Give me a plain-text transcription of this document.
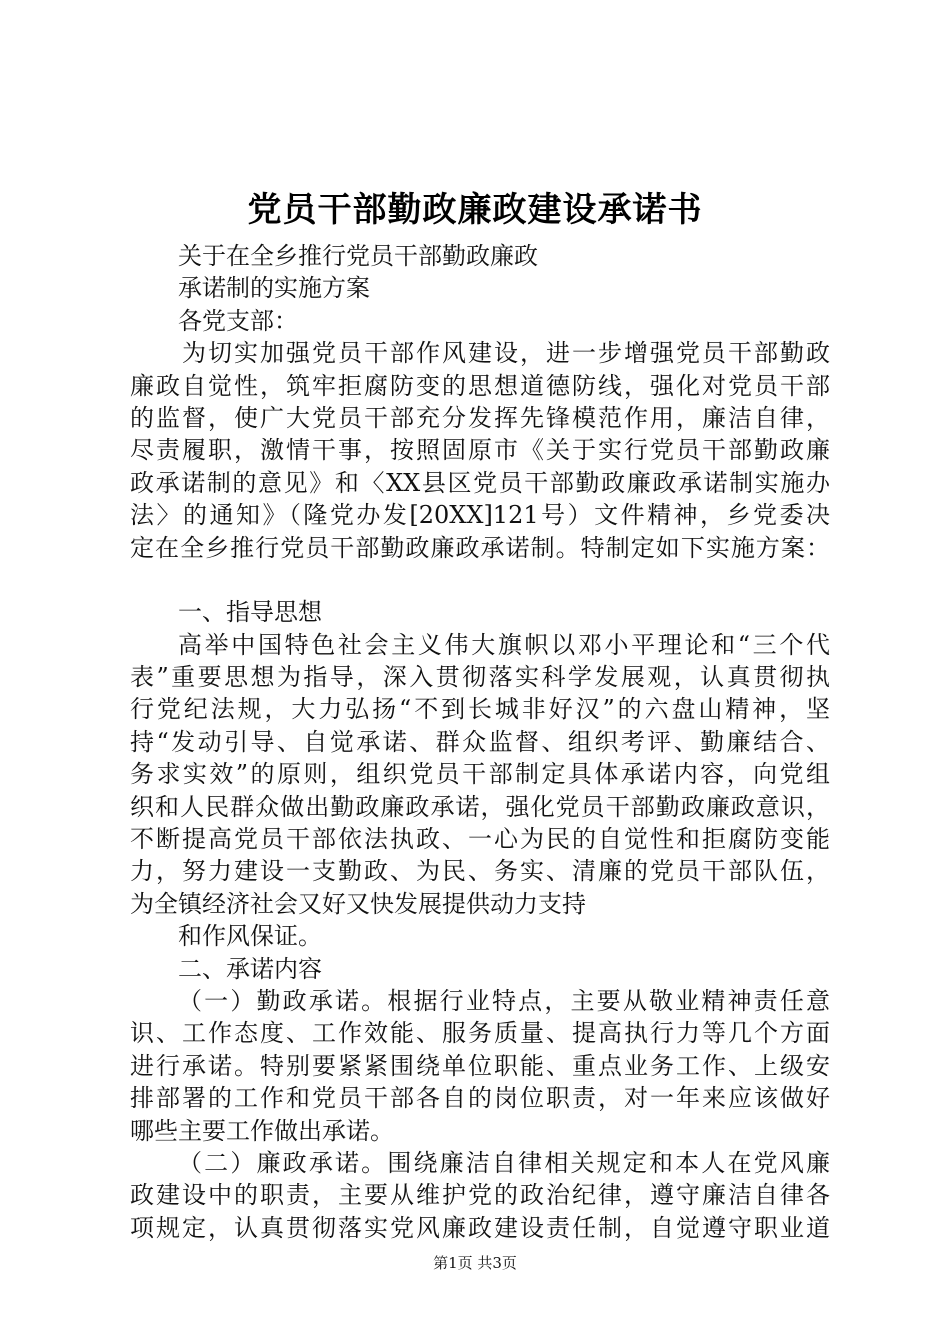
党员干部勤政廉政建设承诺书
关于在全乡推行党员干部勤政廉政
承诺制的实施方案
各党支部：
为切实加强党员干部作风建设，进一步增强党员干部勤政
廉政自觉性，筑牢拒腐防变的思想道德防线，强化对党员干部
的监督，使广大党员干部充分发挥先锋模范作用，廉洁自律，
尽责履职，激情干事，按照固原市《关于实行党员干部勤政廉
政承诺制的意见》和〈XX县区党员干部勤政廉政承诺制实施办
法〉的通知》（隆党办发[20XX]121号）文件精神，乡党委决
定在全乡推行党员干部勤政廉政承诺制。特制定如下实施方案：
一、指导思想
高举中国特色社会主义伟大旗帜以邓小平理论和“三个代
表”重要思想为指导，深入贯彻落实科学发展观，认真贯彻执
行党纪法规，大力弘扬“不到长城非好汉”的六盘山精神，坚
持“发动引导、自觉承诺、群众监督、组织考评、勤廉结合、
务求实效”的原则，组织党员干部制定具体承诺内容，向党组
织和人民群众做出勤政廉政承诺，强化党员干部勤政廉政意识，
不断提高党员干部依法执政、一心为民的自觉性和拒腐防变能
力，努力建设一支勤政、为民、务实、清廉的党员干部队伍，
为全镇经济社会又好又快发展提供动力支持
和作风保证。
二、承诺内容
（一）勤政承诺。根据行业特点，主要从敬业精神责任意
识、工作态度、工作效能、服务质量、提高执行力等几个方面
进行承诺。特别要紧紧围绕单位职能、重点业务工作、上级安
排部署的工作和党员干部各自的岗位职责，对一年来应该做好
哪些主要工作做出承诺。
（二）廉政承诺。围绕廉洁自律相关规定和本人在党风廉
政建设中的职责，主要从维护党的政治纪律，遵守廉洁自律各
项规定，认真贯彻落实党风廉政建设责任制，自觉遵守职业道
第1页 共3页
